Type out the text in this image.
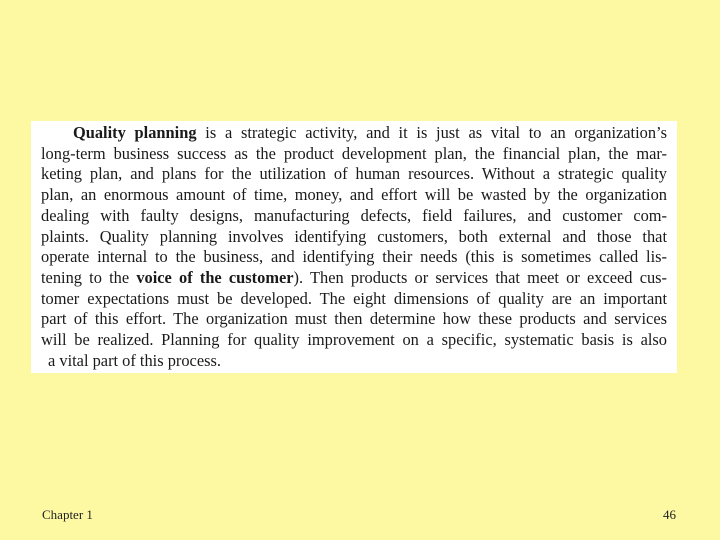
Quality planning is a strategic activity, and it is just as vital to an organization’s
long-term business success as the product development plan, the financial plan, the mar-
keting plan, and plans for the utilization of human resources. Without a strategic quality
plan, an enormous amount of time, money, and effort will be wasted by the organization
dealing with faulty designs, manufacturing defects, field failures, and customer com-
plaints. Quality planning involves identifying customers, both external and those that
operate internal to the business, and identifying their needs (this is sometimes called lis-
tening to the voice of the customer). Then products or services that meet or exceed cus-
tomer expectations must be developed. The eight dimensions of quality are an important
part of this effort. The organization must then determine how these products and services
will be realized. Planning for quality improvement on a specific, systematic basis is also
a vital part of this process.
Chapter 1	46
